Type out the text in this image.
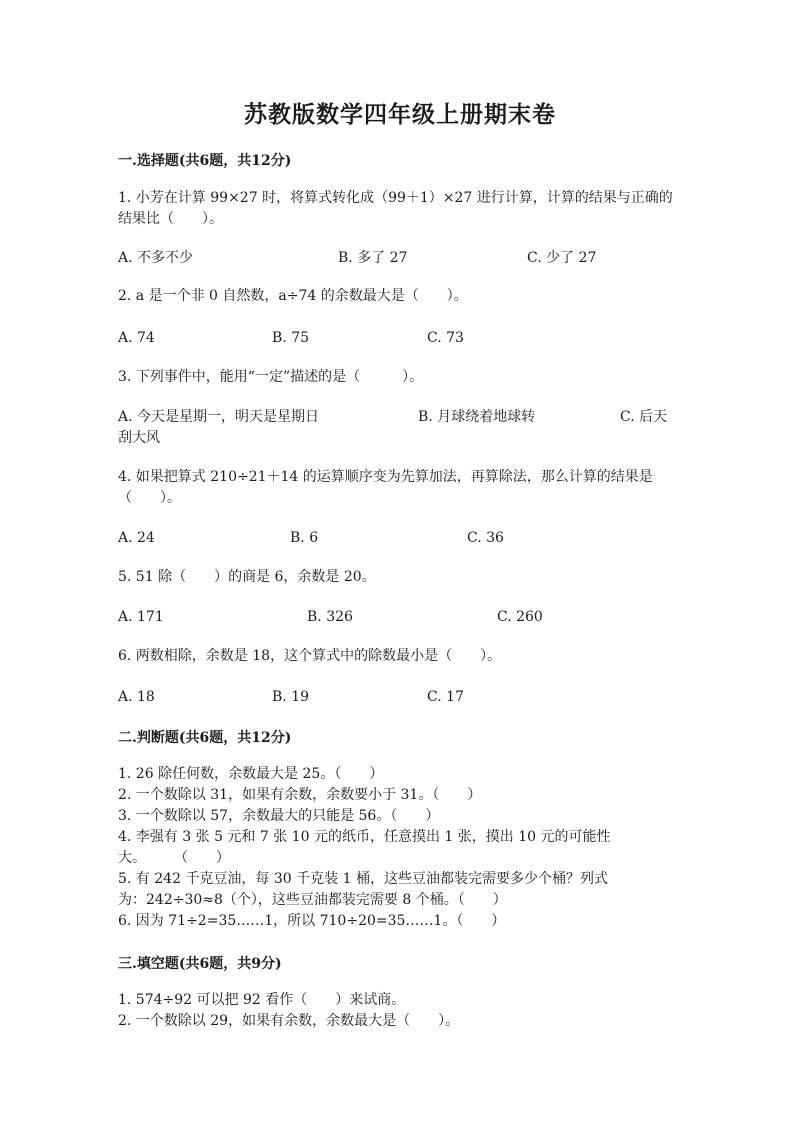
苏教版数学四年级上册期末卷
一.选择题(共6题，共12分)
1. 小芳在计算 99×27 时，将算式转化成（99＋1）×27 进行计算，计算的结果与正确的结果比（　　）。
A. 不多不少	B. 多了 27	C. 少了 27
2. a 是一个非 0 自然数，a÷74 的余数最大是（　　）。
A. 74	B. 75	C. 73
3. 下列事件中，能用“一定”描述的是（　　　）。
A. 今天是星期一，明天是星期日	B. 月球绕着地球转	C. 后天
刮大风
4. 如果把算式 210÷21＋14 的运算顺序变为先算加法，再算除法，那么计算的结果是（　　）。
A. 24	B. 6	C. 36
5. 51 除（　　）的商是 6，余数是 20。
A. 171	B. 326	C. 260
6. 两数相除，余数是 18，这个算式中的除数最小是（　　）。
A. 18	B. 19	C. 17
二.判断题(共6题，共12分)
1. 26 除任何数，余数最大是 25。（　　）
2. 一个数除以 31，如果有余数，余数要小于 31。（　　）
3. 一个数除以 57，余数最大的只能是 56。（　　）
4. 李强有 3 张 5 元和 7 张 10 元的纸币，任意摸出 1 张，摸出 10 元的可能性
大。　　　（　　）
5. 有 242 千克豆油，每 30 千克装 1 桶，这些豆油都装完需要多少个桶？列式
为：242÷30≈8（个），这些豆油都装完需要 8 个桶。（　　）
6. 因为 71÷2=35……1，所以 710÷20=35……1。（　　）
三.填空题(共6题，共9分)
1. 574÷92 可以把 92 看作（　　）来试商。
2. 一个数除以 29，如果有余数，余数最大是（　　）。
